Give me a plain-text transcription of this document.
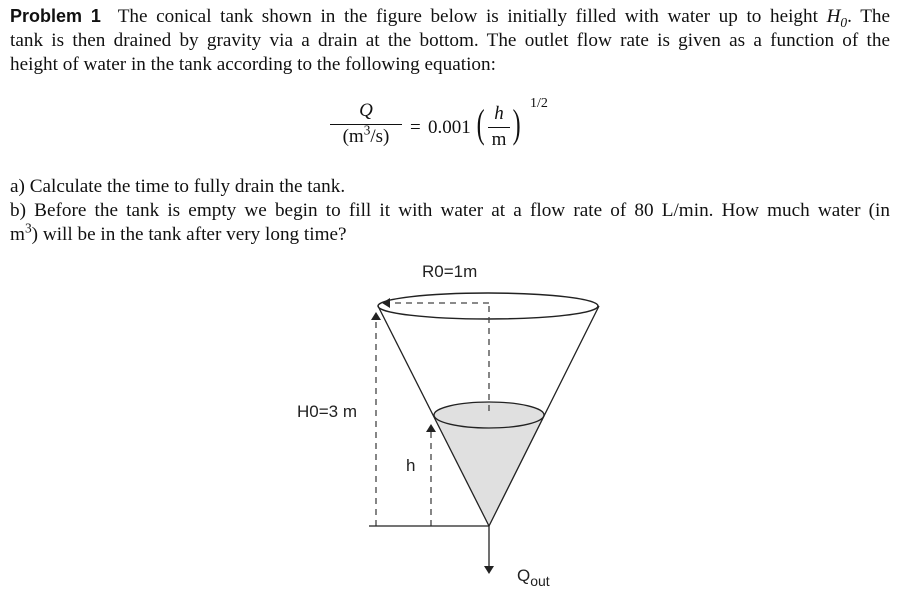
Problem 1 The conical tank shown in the figure below is initially filled with water up to height $H_0$. The
tank is then drained by gravity via a drain at the bottom. The outlet flow rate is given as a function of the
height of water in the tank according to the following equation:
Q
$(m^3/s)$	= 0.001 ( h
m ) 1/2
a) Calculate the time to fully drain the tank.
b) Before the tank is empty we begin to fill it with water at a flow rate of 80 L/min. How much water (in
$m^3$) will be in the tank after very long time?
R0=1m
H0=3 m
h
$Q_{out}$
